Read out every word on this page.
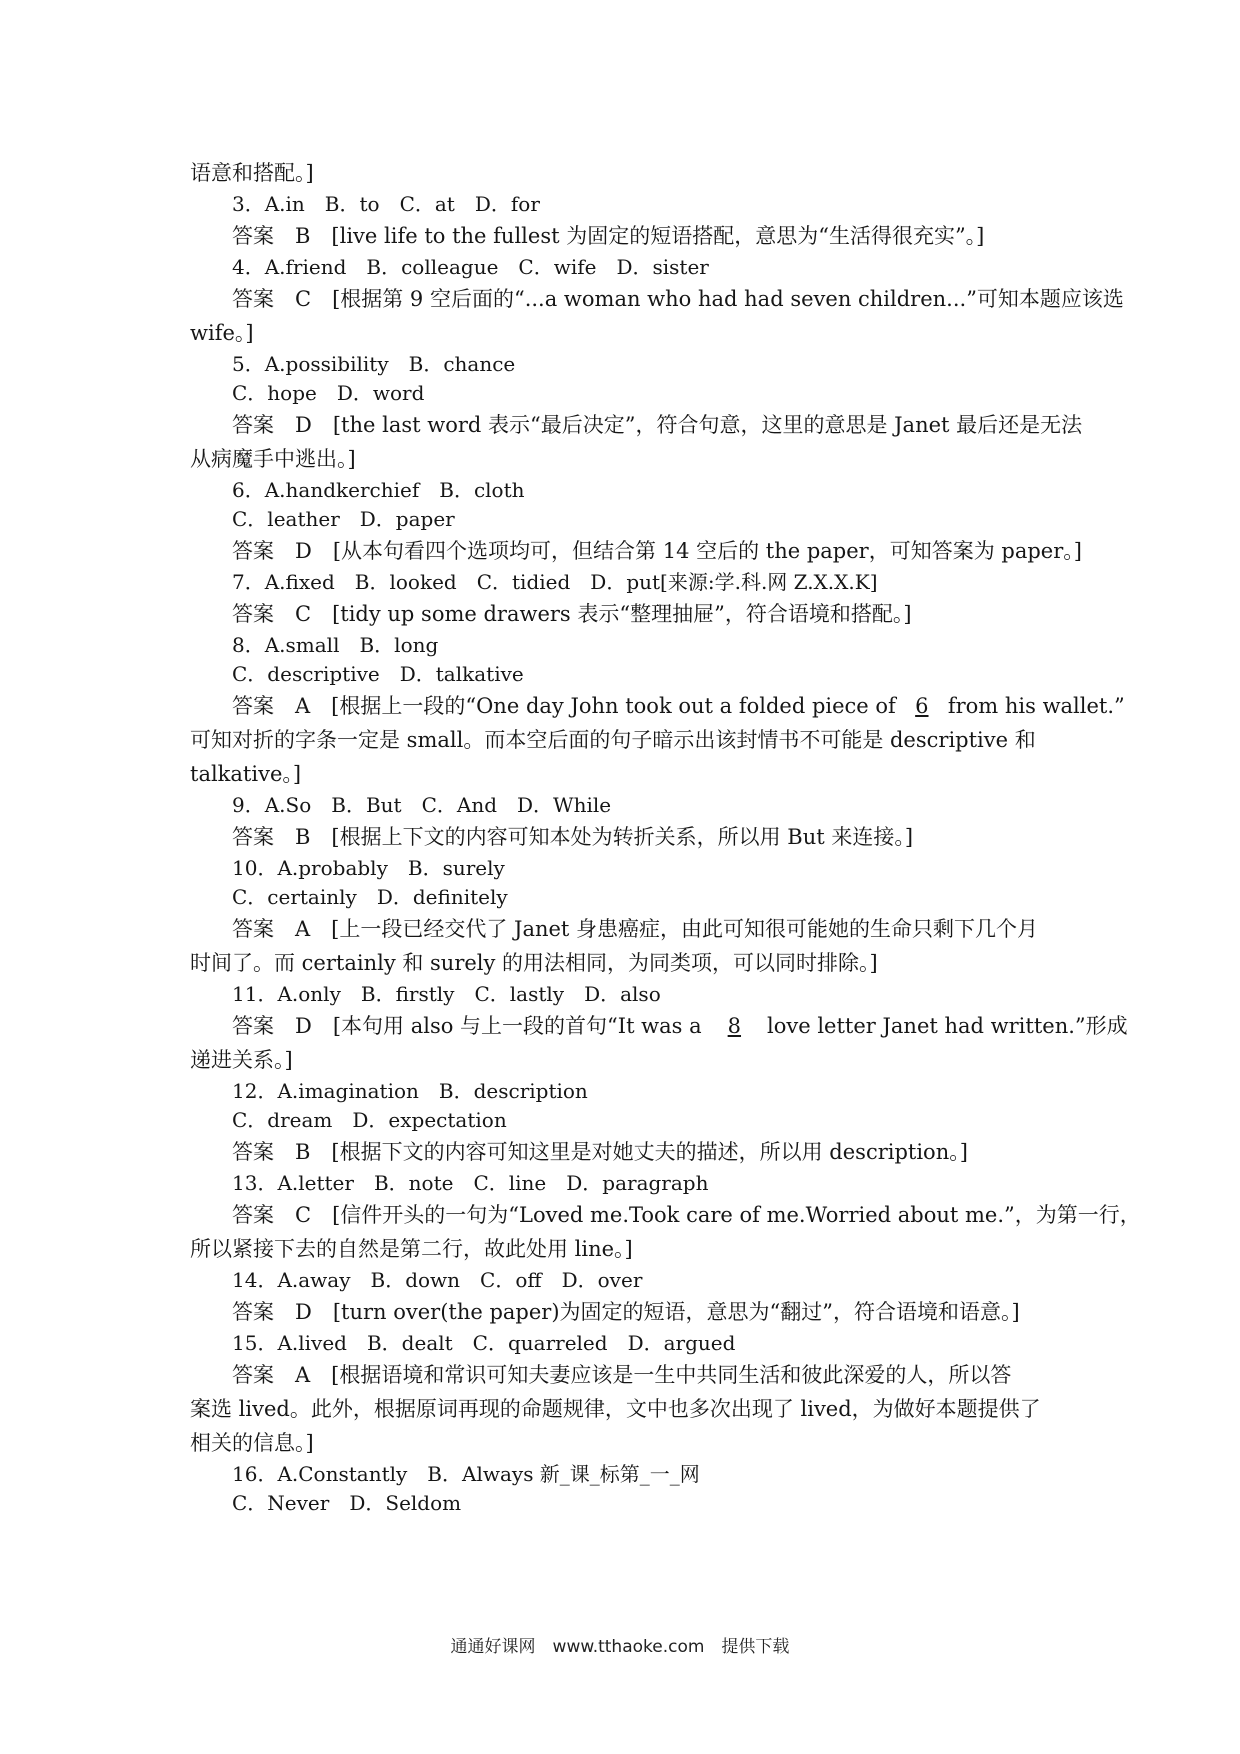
语意和搭配。]
3．A.in　B．to　C．at　D．for
答案　B　[live life to the fullest 为固定的短语搭配，意思为“生活得很充实”。]
4．A.friend　B．colleague　C．wife　D．sister
答案　C　[根据第 9 空后面的“...a woman who had had seven children...”可知本题应该选
wife。]
5．A.possibility　B．chance
C．hope　D．word
答案　D　[the last word 表示“最后决定”，符合句意，这里的意思是 Janet 最后还是无法
从病魔手中逃出。]
6．A.handkerchief　B．cloth
C．leather　D．paper
答案　D　[从本句看四个选项均可，但结合第 14 空后的 the paper，可知答案为 paper。]
7．A.fixed　B．looked　C．tidied　D．put[来源:学.科.网 Z.X.X.K]
答案　C　[tidy up some drawers 表示“整理抽屉”，符合语境和搭配。]
8．A.small　B．long
C．descriptive　D．talkative
答案　A　[根据上一段的“One day John took out a folded piece of 6 from his wallet.”
可知对折的字条一定是 small。而本空后面的句子暗示出该封情书不可能是 descriptive 和
talkative。]
9．A.So　B．But　C．And　D．While
答案　B　[根据上下文的内容可知本处为转折关系，所以用 But 来连接。]
10．A.probably　B．surely
C．certainly　D．definitely
答案　A　[上一段已经交代了 Janet 身患癌症，由此可知很可能她的生命只剩下几个月
时间了。而 certainly 和 surely 的用法相同，为同类项，可以同时排除。]
11．A.only　B．firstly　C．lastly　D．also
答案　D　[本句用 also 与上一段的首句“It was a 8 love letter Janet had written.”形成
递进关系。]
12．A.imagination　B．description
C．dream　D．expectation
答案　B　[根据下文的内容可知这里是对她丈夫的描述，所以用 description。]
13．A.letter　B．note　C．line　D．paragraph
答案　C　[信件开头的一句为“Loved me.Took care of me.Worried about me.”，为第一行，
所以紧接下去的自然是第二行，故此处用 line。]
14．A.away　B．down　C．off　D．over
答案　D　[turn over(the paper)为固定的短语，意思为“翻过”，符合语境和语意。]
15．A.lived　B．dealt　C．quarreled　D．argued
答案　A　[根据语境和常识可知夫妻应该是一生中共同生活和彼此深爱的人，所以答
案选 lived。此外，根据原词再现的命题规律，文中也多次出现了 lived，为做好本题提供了
相关的信息。]
16．A.Constantly　B．Always 新_课_标第_一_网
C．Never　D．Seldom
通通好课网　www.tthaoke.com　提供下载
